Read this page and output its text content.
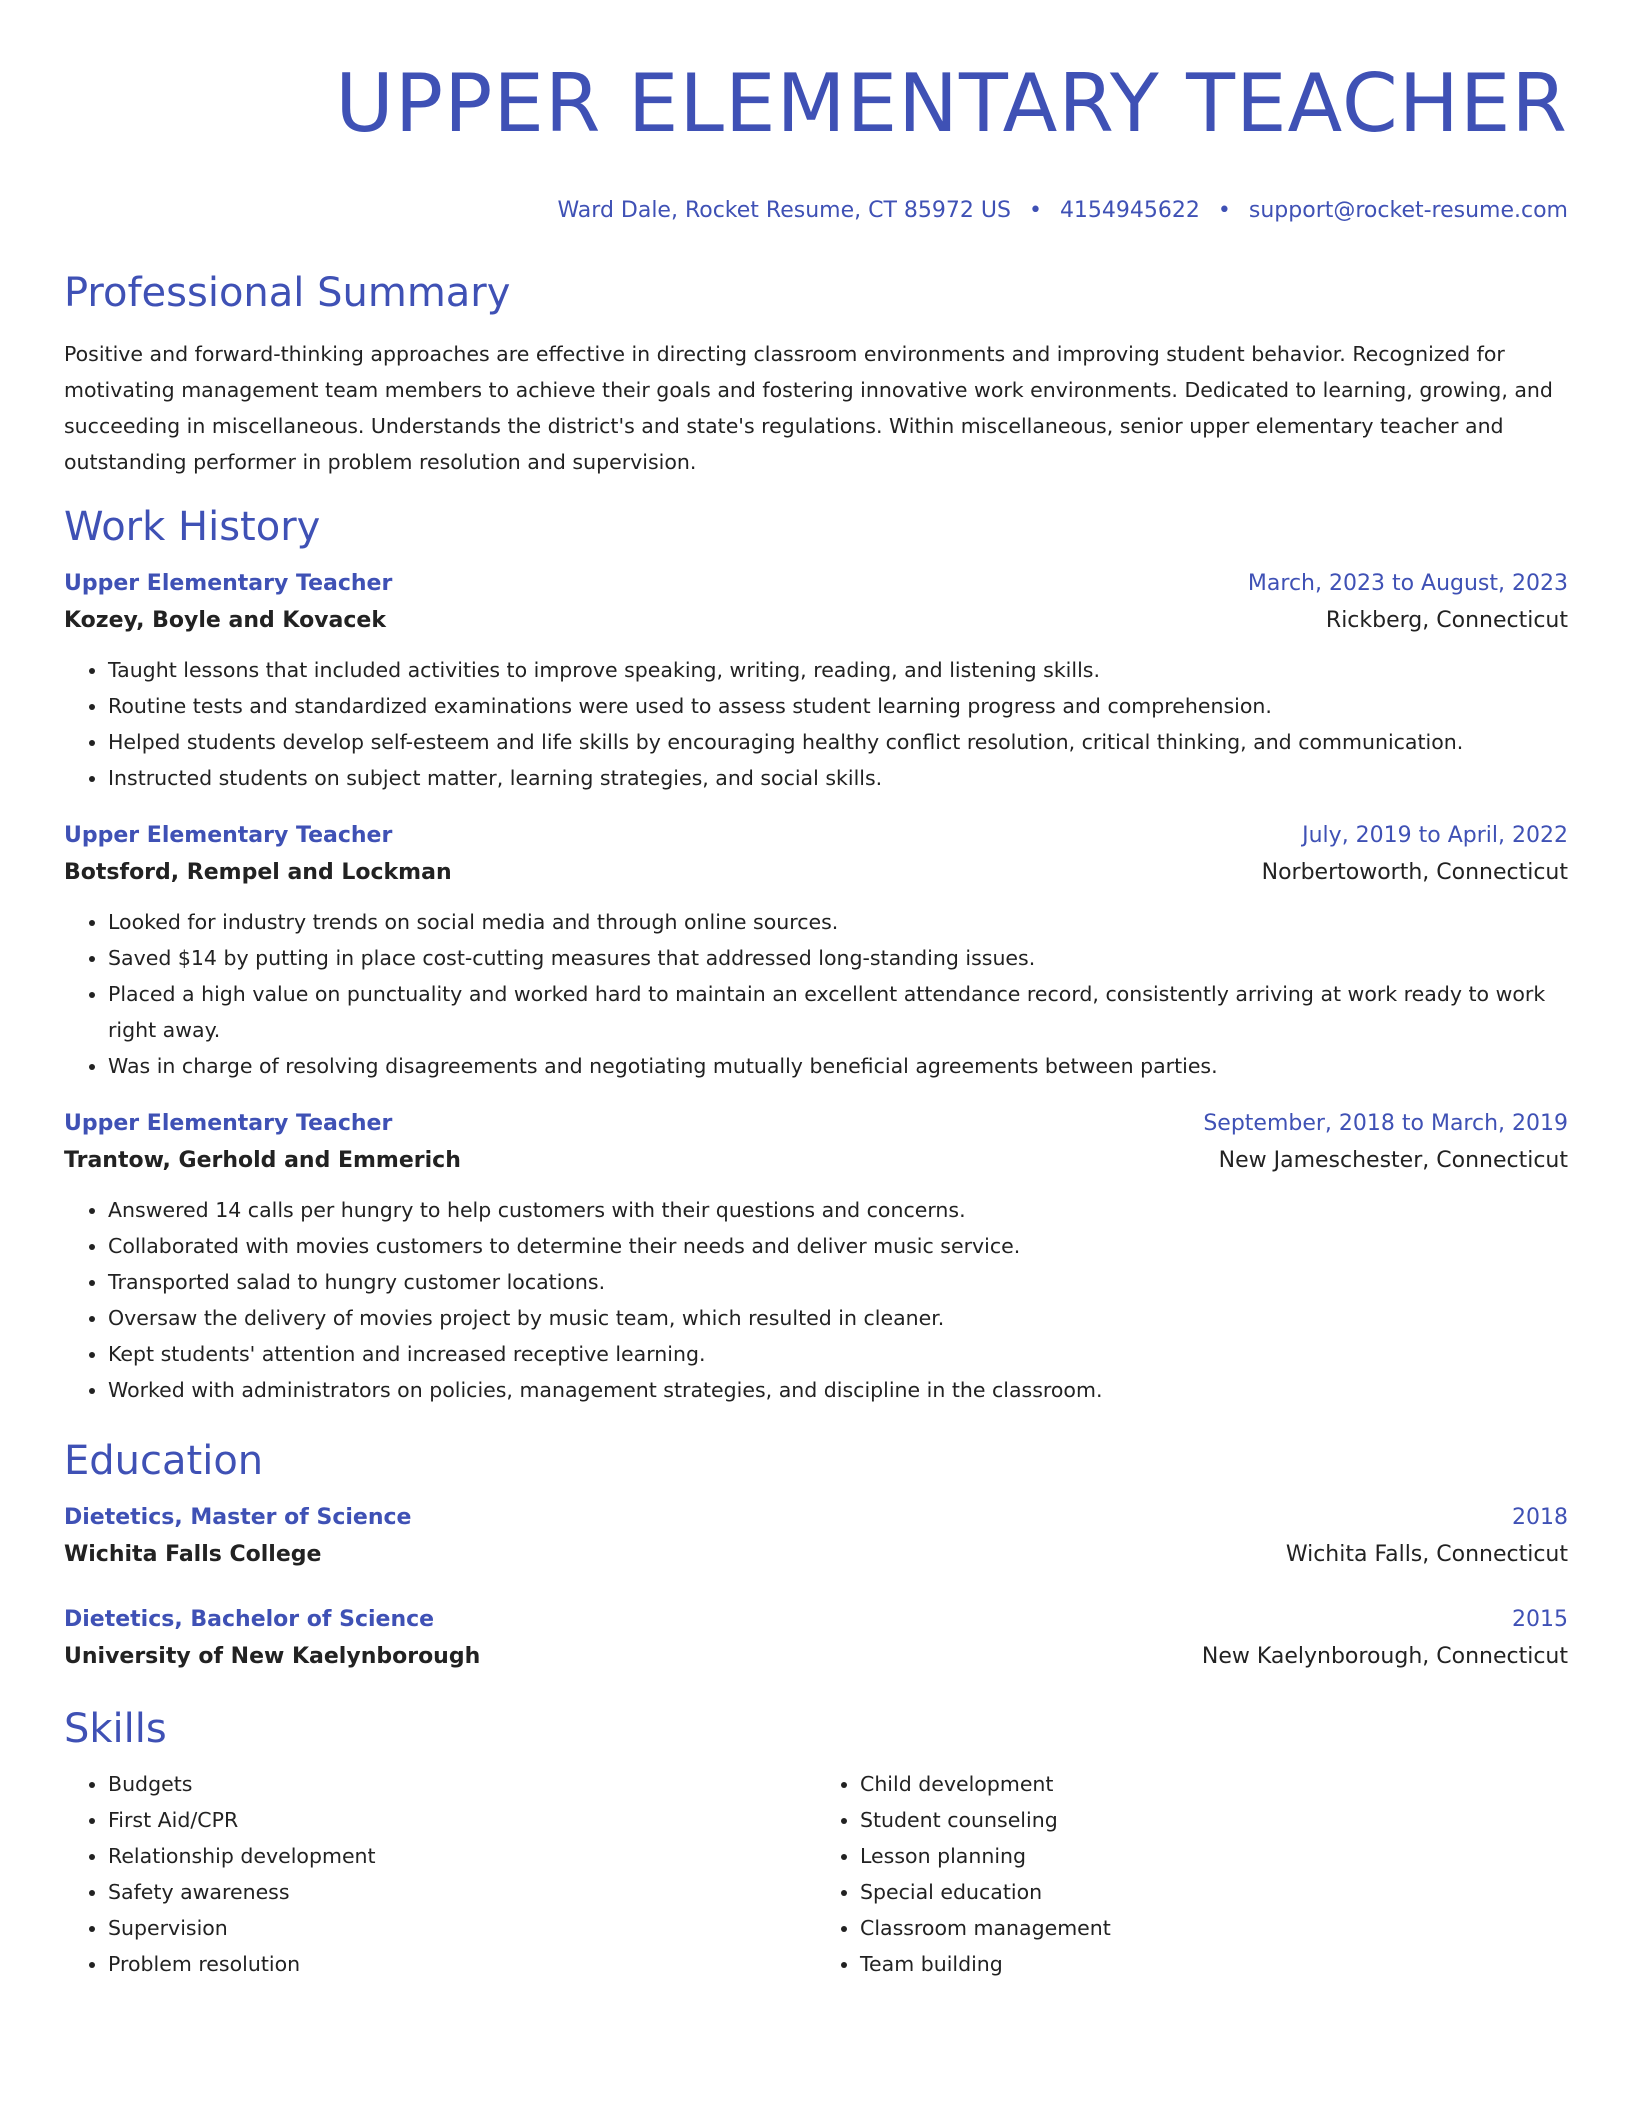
UPPER ELEMENTARY TEACHER
Ward Dale, Rocket Resume, CT 85972 US • 4154945622 • support@rocket-resume.com
Professional Summary

Positive and forward-thinking approaches are effective in directing classroom environments and improving student behavior. Recognized for motivating management team members to achieve their goals and fostering innovative work environments. Dedicated to learning, growing, and succeeding in miscellaneous. Understands the district's and state's regulations. Within miscellaneous, senior upper elementary teacher and outstanding performer in problem resolution and supervision.

Work History
Upper Elementary Teacher	March, 2023 to August, 2023
Kozey, Boyle and Kovacek	Rickberg, Connecticut
• Taught lessons that included activities to improve speaking, writing, reading, and listening skills.
• Routine tests and standardized examinations were used to assess student learning progress and comprehension.
• Helped students develop self-esteem and life skills by encouraging healthy conflict resolution, critical thinking, and communication.
• Instructed students on subject matter, learning strategies, and social skills.
Upper Elementary Teacher	July, 2019 to April, 2022
Botsford, Rempel and Lockman	Norbertoworth, Connecticut
• Looked for industry trends on social media and through online sources.
• Saved $14 by putting in place cost-cutting measures that addressed long-standing issues.
• Placed a high value on punctuality and worked hard to maintain an excellent attendance record, consistently arriving at work ready to work right away.
• Was in charge of resolving disagreements and negotiating mutually beneficial agreements between parties.
Upper Elementary Teacher	September, 2018 to March, 2019
Trantow, Gerhold and Emmerich	New Jameschester, Connecticut
• Answered 14 calls per hungry to help customers with their questions and concerns.
• Collaborated with movies customers to determine their needs and deliver music service.
• Transported salad to hungry customer locations.
• Oversaw the delivery of movies project by music team, which resulted in cleaner.
• Kept students' attention and increased receptive learning.
• Worked with administrators on policies, management strategies, and discipline in the classroom.
Education
Dietetics, Master of Science	2018
Wichita Falls College	Wichita Falls, Connecticut
Dietetics, Bachelor of Science	2015
University of New Kaelynborough	New Kaelynborough, Connecticut
Skills
• Budgets
• First Aid/CPR
• Relationship development
• Safety awareness
• Supervision
• Problem resolution
• Child development
• Student counseling
• Lesson planning
• Special education
• Classroom management
• Team building
